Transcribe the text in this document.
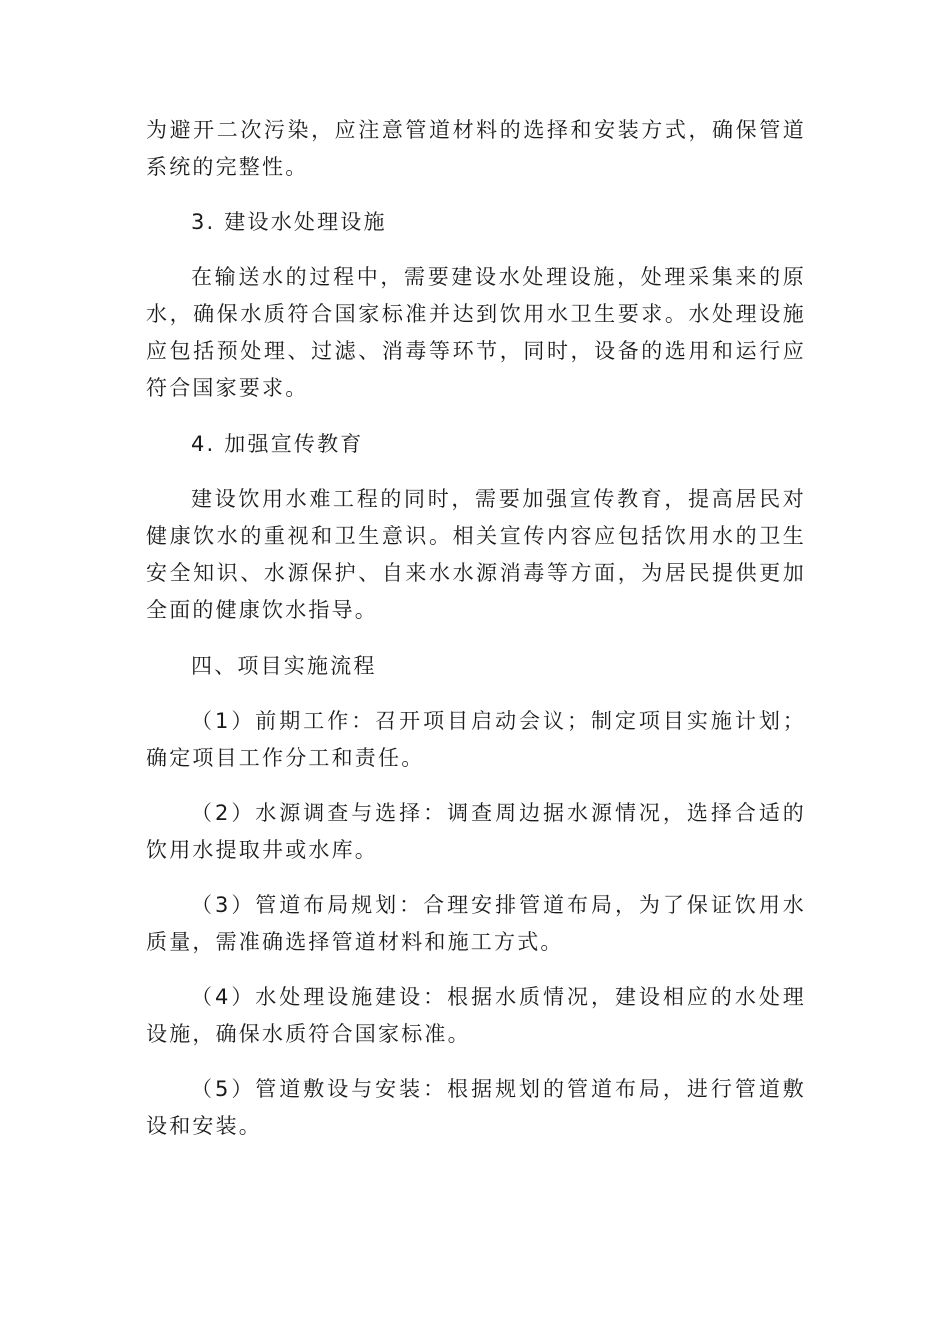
为避开二次污染，应注意管道材料的选择和安装方式，确保管道系统的完整性。

3. 建设水处理设施

在输送水的过程中，需要建设水处理设施，处理采集来的原水，确保水质符合国家标准并达到饮用水卫生要求。水处理设施应包括预处理、过滤、消毒等环节，同时，设备的选用和运行应符合国家要求。

4. 加强宣传教育

建设饮用水难工程的同时，需要加强宣传教育，提高居民对健康饮水的重视和卫生意识。相关宣传内容应包括饮用水的卫生安全知识、水源保护、自来水水源消毒等方面，为居民提供更加全面的健康饮水指导。

四、项目实施流程

（1）前期工作：召开项目启动会议；制定项目实施计划；确定项目工作分工和责任。

（2）水源调查与选择：调查周边据水源情况，选择合适的饮用水提取井或水库。

（3）管道布局规划：合理安排管道布局，为了保证饮用水质量，需准确选择管道材料和施工方式。

（4）水处理设施建设：根据水质情况，建设相应的水处理设施，确保水质符合国家标准。

（5）管道敷设与安装：根据规划的管道布局，进行管道敷设和安装。
